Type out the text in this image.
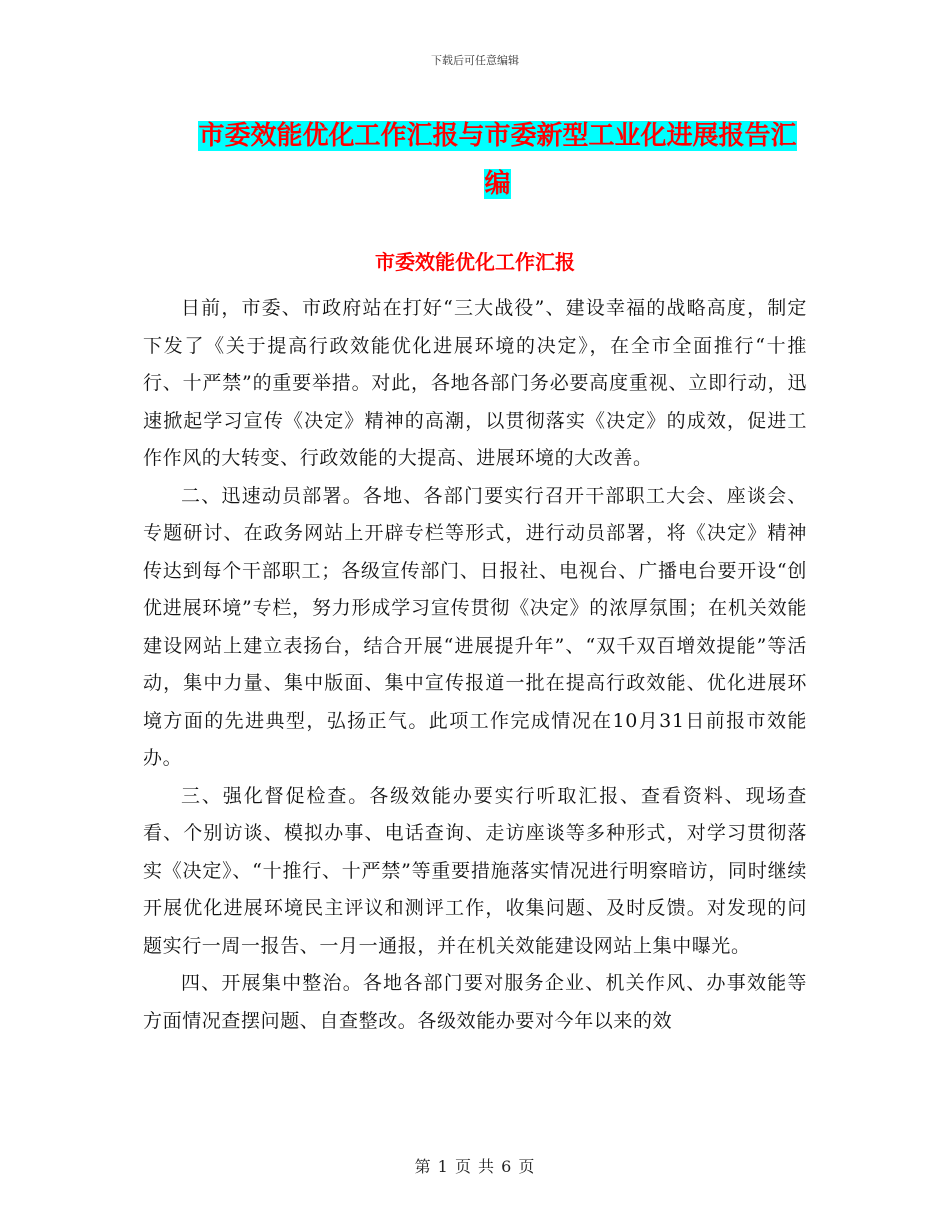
下载后可任意编辑
市委效能优化工作汇报与市委新型工业化进展报告汇编
市委效能优化工作汇报

日前，市委、市政府站在打好“三大战役”、建设幸福的战略高度，制定下发了《关于提高行政效能优化进展环境的决定》，在全市全面推行“十推行、十严禁”的重要举措。对此，各地各部门务必要高度重视、立即行动，迅速掀起学习宣传《决定》精神的高潮，以贯彻落实《决定》的成效，促进工作作风的大转变、行政效能的大提高、进展环境的大改善。

二、迅速动员部署。各地、各部门要实行召开干部职工大会、座谈会、专题研讨、在政务网站上开辟专栏等形式，进行动员部署，将《决定》精神传达到每个干部职工；各级宣传部门、日报社、电视台、广播电台要开设“创优进展环境”专栏，努力形成学习宣传贯彻《决定》的浓厚氛围；在机关效能建设网站上建立表扬台，结合开展“进展提升年”、“双千双百增效提能”等活动，集中力量、集中版面、集中宣传报道一批在提高行政效能、优化进展环境方面的先进典型，弘扬正气。此项工作完成情况在10月31日前报市效能办。

三、强化督促检查。各级效能办要实行听取汇报、查看资料、现场查看、个别访谈、模拟办事、电话查询、走访座谈等多种形式，对学习贯彻落实《决定》、“十推行、十严禁”等重要措施落实情况进行明察暗访，同时继续开展优化进展环境民主评议和测评工作，收集问题、及时反馈。对发现的问题实行一周一报告、一月一通报，并在机关效能建设网站上集中曝光。

四、开展集中整治。各地各部门要对服务企业、机关作风、办事效能等方面情况查摆问题、自查整改。各级效能办要对今年以来的效

第 1 页 共 6 页
